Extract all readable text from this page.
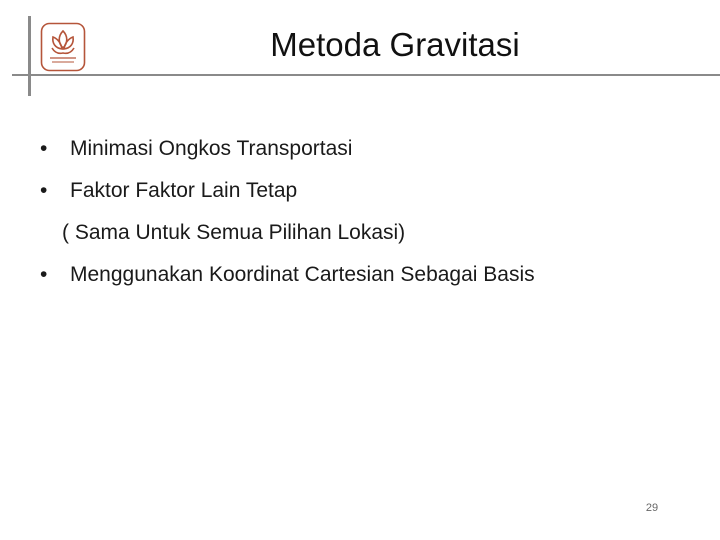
Metoda Gravitasi
•	Minimasi Ongkos Transportasi
•	Faktor Faktor Lain Tetap
( Sama Untuk Semua Pilihan Lokasi)
•	Menggunakan Koordinat Cartesian Sebagai Basis
29
